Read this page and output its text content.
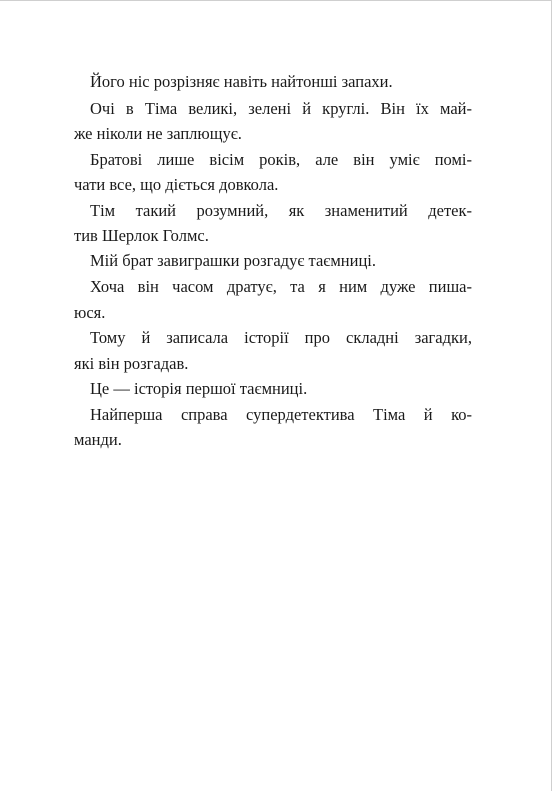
Його ніс розрізняє навіть найтонші запахи.
Очі в Тіма великі, зелені й круглі. Він їх май-
же ніколи не заплющує.
Братові лише вісім років, але він уміє помі-
чати все, що діється довкола.
Тім такий розумний, як знаменитий детек-
тив Шерлок Голмс.
Мій брат завиграшки розгадує таємниці.
Хоча він часом дратує, та я ним дуже пиша-
юся.
Тому й записала історії про складні загадки,
які він розгадав.
Це — історія першої таємниці.
Найперша справа супердетектива Тіма й ко-
манди.
